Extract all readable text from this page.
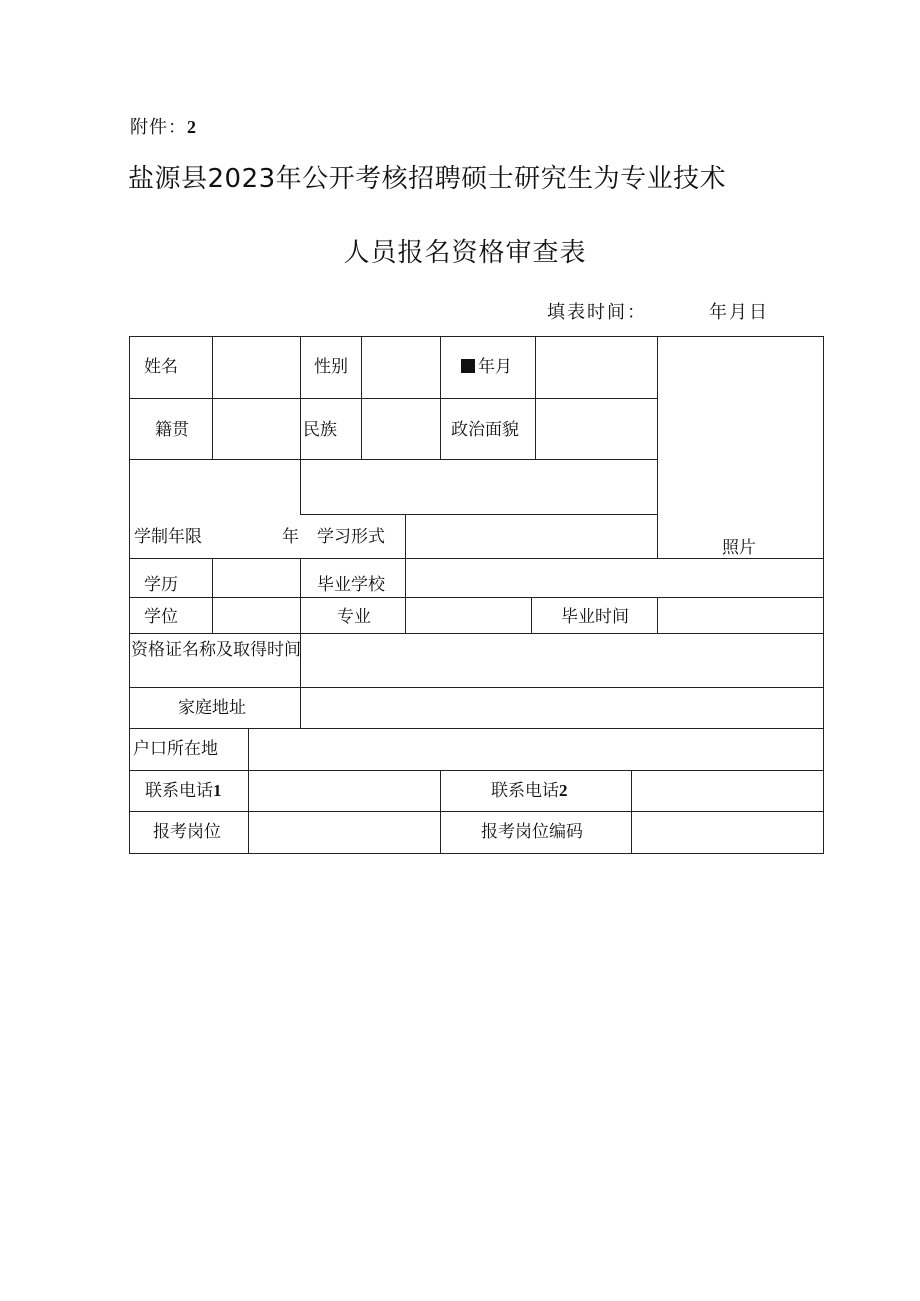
附件：2
盐源县2023年公开考核招聘硕士研究生为专业技术
人员报名资格审查表
填表时间：	年月日
姓名	性别	年月
籍贯	民族	政治面貌
学制年限	年 学习形式
照片
学历	毕业学校
学位	专业	毕业时间
资格证名称及取得时间
家庭地址
户口所在地
联系电话1	联系电话2
报考岗位	报考岗位编码
